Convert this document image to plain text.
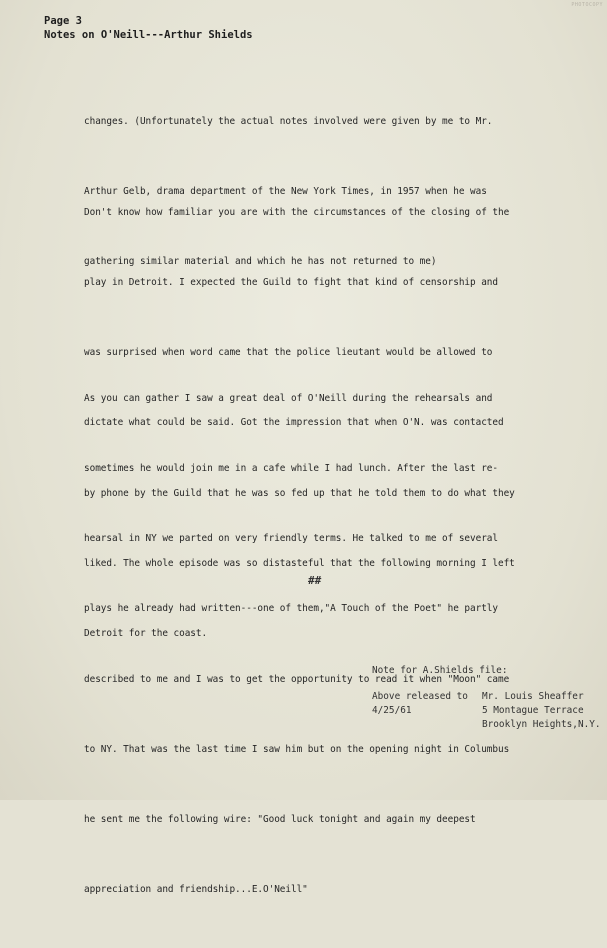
PHOTOCOPY
Page 3
Notes on O'Neill---Arthur Shields

changes. (Unfortunately the actual notes involved were given by me to Mr.

Arthur Gelb, drama department of the New York Times, in 1957 when he was

gathering similar material and which he has not returned to me)

Don't know how familiar you are with the circumstances of the closing of the

play in Detroit. I expected the Guild to fight that kind of censorship and

was surprised when word came that the police lieutant would be allowed to

dictate what could be said. Got the impression that when O'N. was contacted

by phone by the Guild that he was so fed up that he told them to do what they

liked. The whole episode was so distasteful that the following morning I left

Detroit for the coast.

As you can gather I saw a great deal of O'Neill during the rehearsals and

sometimes he would join me in a cafe while I had lunch. After the last re-

hearsal in NY we parted on very friendly terms. He talked to me of several

plays he already had written---one of them,"A Touch of the Poet" he partly

described to me and I was to get the opportunity to read it when "Moon" came

to NY. That was the last time I saw him but on the opening night in Columbus

he sent me the following wire: "Good luck tonight and again my deepest

appreciation and friendship...E.O'Neill"

##
Note for A.Shields file:
Above released to
4/25/61
Mr. Louis Sheaffer
5 Montague Terrace
Brooklyn Heights,N.Y.
